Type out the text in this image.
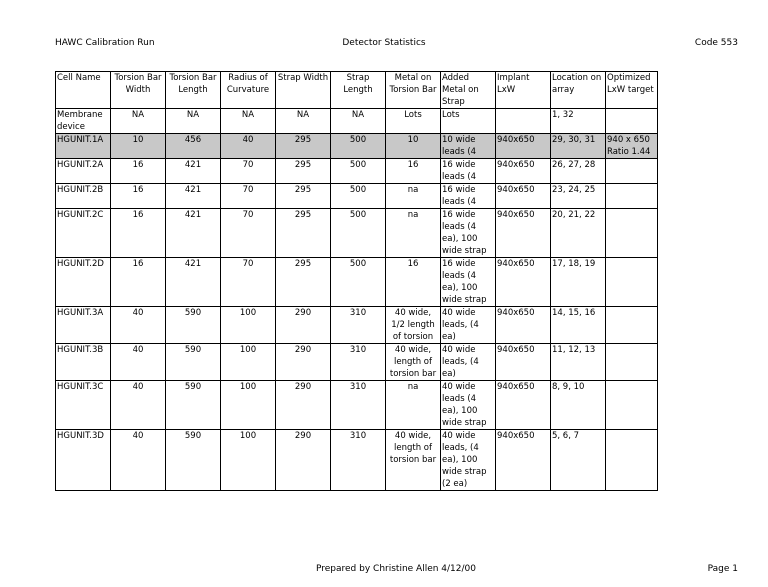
HAWC Calibration Run	Detector Statistics	Code 553
Cell Name	Torsion Bar Width	Torsion Bar Length	Radius of Curvature	Strap Width	Strap Length	Metal on Torsion Bar	Added Metal on Strap	Implant LxW	Location on array	Optimized LxW target
Membrane device	NA	NA	NA	NA	NA	Lots	Lots		1, 32	
HGUNIT.1A	10	456	40	295	500	10	10 wide leads (4	940x650	29, 30, 31	940 x 650 Ratio 1.44
HGUNIT.2A	16	421	70	295	500	16	16 wide leads (4	940x650	26, 27, 28	
HGUNIT.2B	16	421	70	295	500	na	16 wide leads (4	940x650	23, 24, 25	
HGUNIT.2C	16	421	70	295	500	na	16 wide leads (4 ea), 100 wide strap	940x650	20, 21, 22	
HGUNIT.2D	16	421	70	295	500	16	16 wide leads (4 ea), 100 wide strap	940x650	17, 18, 19	
HGUNIT.3A	40	590	100	290	310	40 wide, 1/2 length of torsion	40 wide leads, (4 ea)	940x650	14, 15, 16	
HGUNIT.3B	40	590	100	290	310	40 wide, length of torsion bar	40 wide leads, (4 ea)	940x650	11, 12, 13	
HGUNIT.3C	40	590	100	290	310	na	40 wide leads (4 ea), 100 wide strap	940x650	8, 9, 10	
HGUNIT.3D	40	590	100	290	310	40 wide, length of torsion bar	40 wide leads, (4 ea), 100 wide strap (2 ea)	940x650	5, 6, 7	
Prepared by Christine Allen 4/12/00	Page 1
